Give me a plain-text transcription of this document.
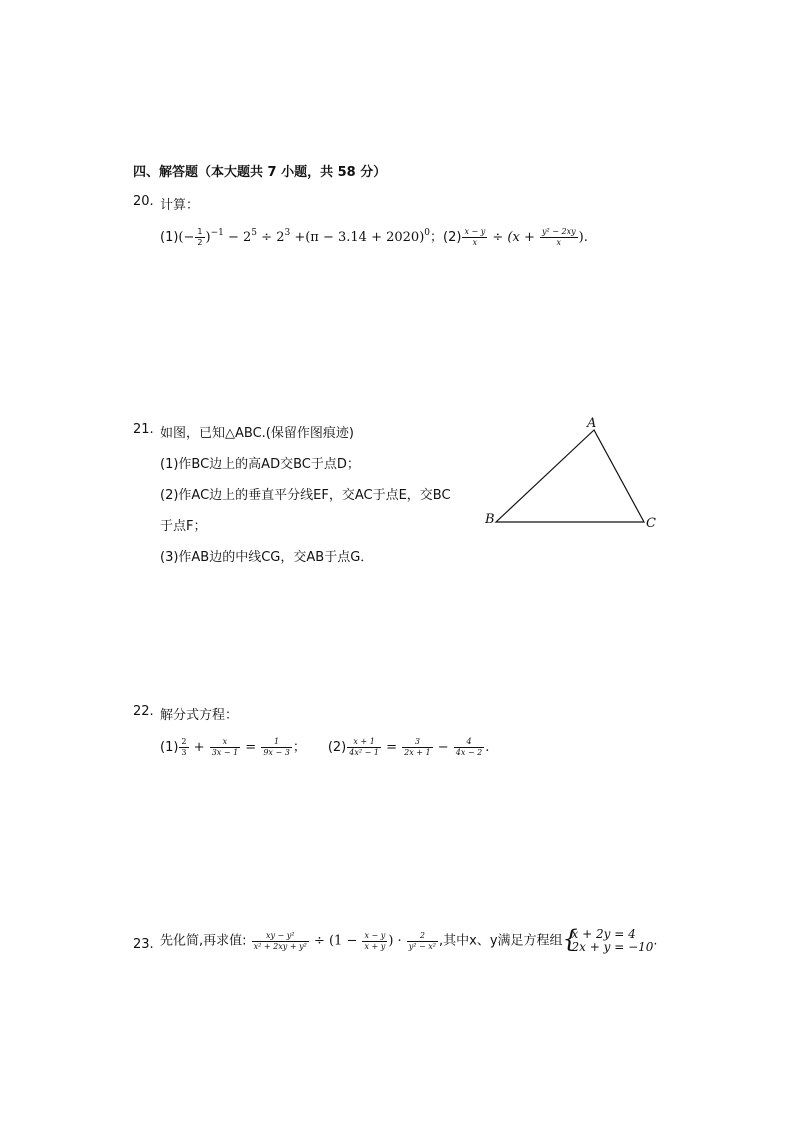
四、解答题（本大题共 7 小题，共 58 分）
20. 计算：
$(1)(- \frac{1}{2} )^{-1} - 2^5 \div 2^3 +(\pi - 3.14 + 2020)^0$；$(2) \frac{x - y}{x} \div (x + \frac{\text{y² − 2xy}}{x}$ ).
21. 如图，已知△ABC.(保留作图痕迹)
(1)作BC边上的高AD交BC于点D；
(2)作AC边上的垂直平分线EF，交AC于点E，交BC
于点F；
(3)作AB边的中线CG，交AB于点G．
A
B	C
22. 解分式方程：
$(1) \frac{2}{3} + \frac{x}{3x - 1} = \frac{1}{9x - 3}$ ； $(2) \frac{x + 1}{\text{4x² − 1}} = \frac{3}{2x + 1} - \frac{4}{4x - 2}$ .
23. 先化简,再求值: $\frac{\text{xy − y²}}{\text{x² + 2xy + y²}} \div (1 - \frac{x - y}{x + y}$ ) · $\frac{2}{\text{y² − x²}}$ ,其中x、y满足方程组 {
x + 2y = 4
2x + y = −10 .
